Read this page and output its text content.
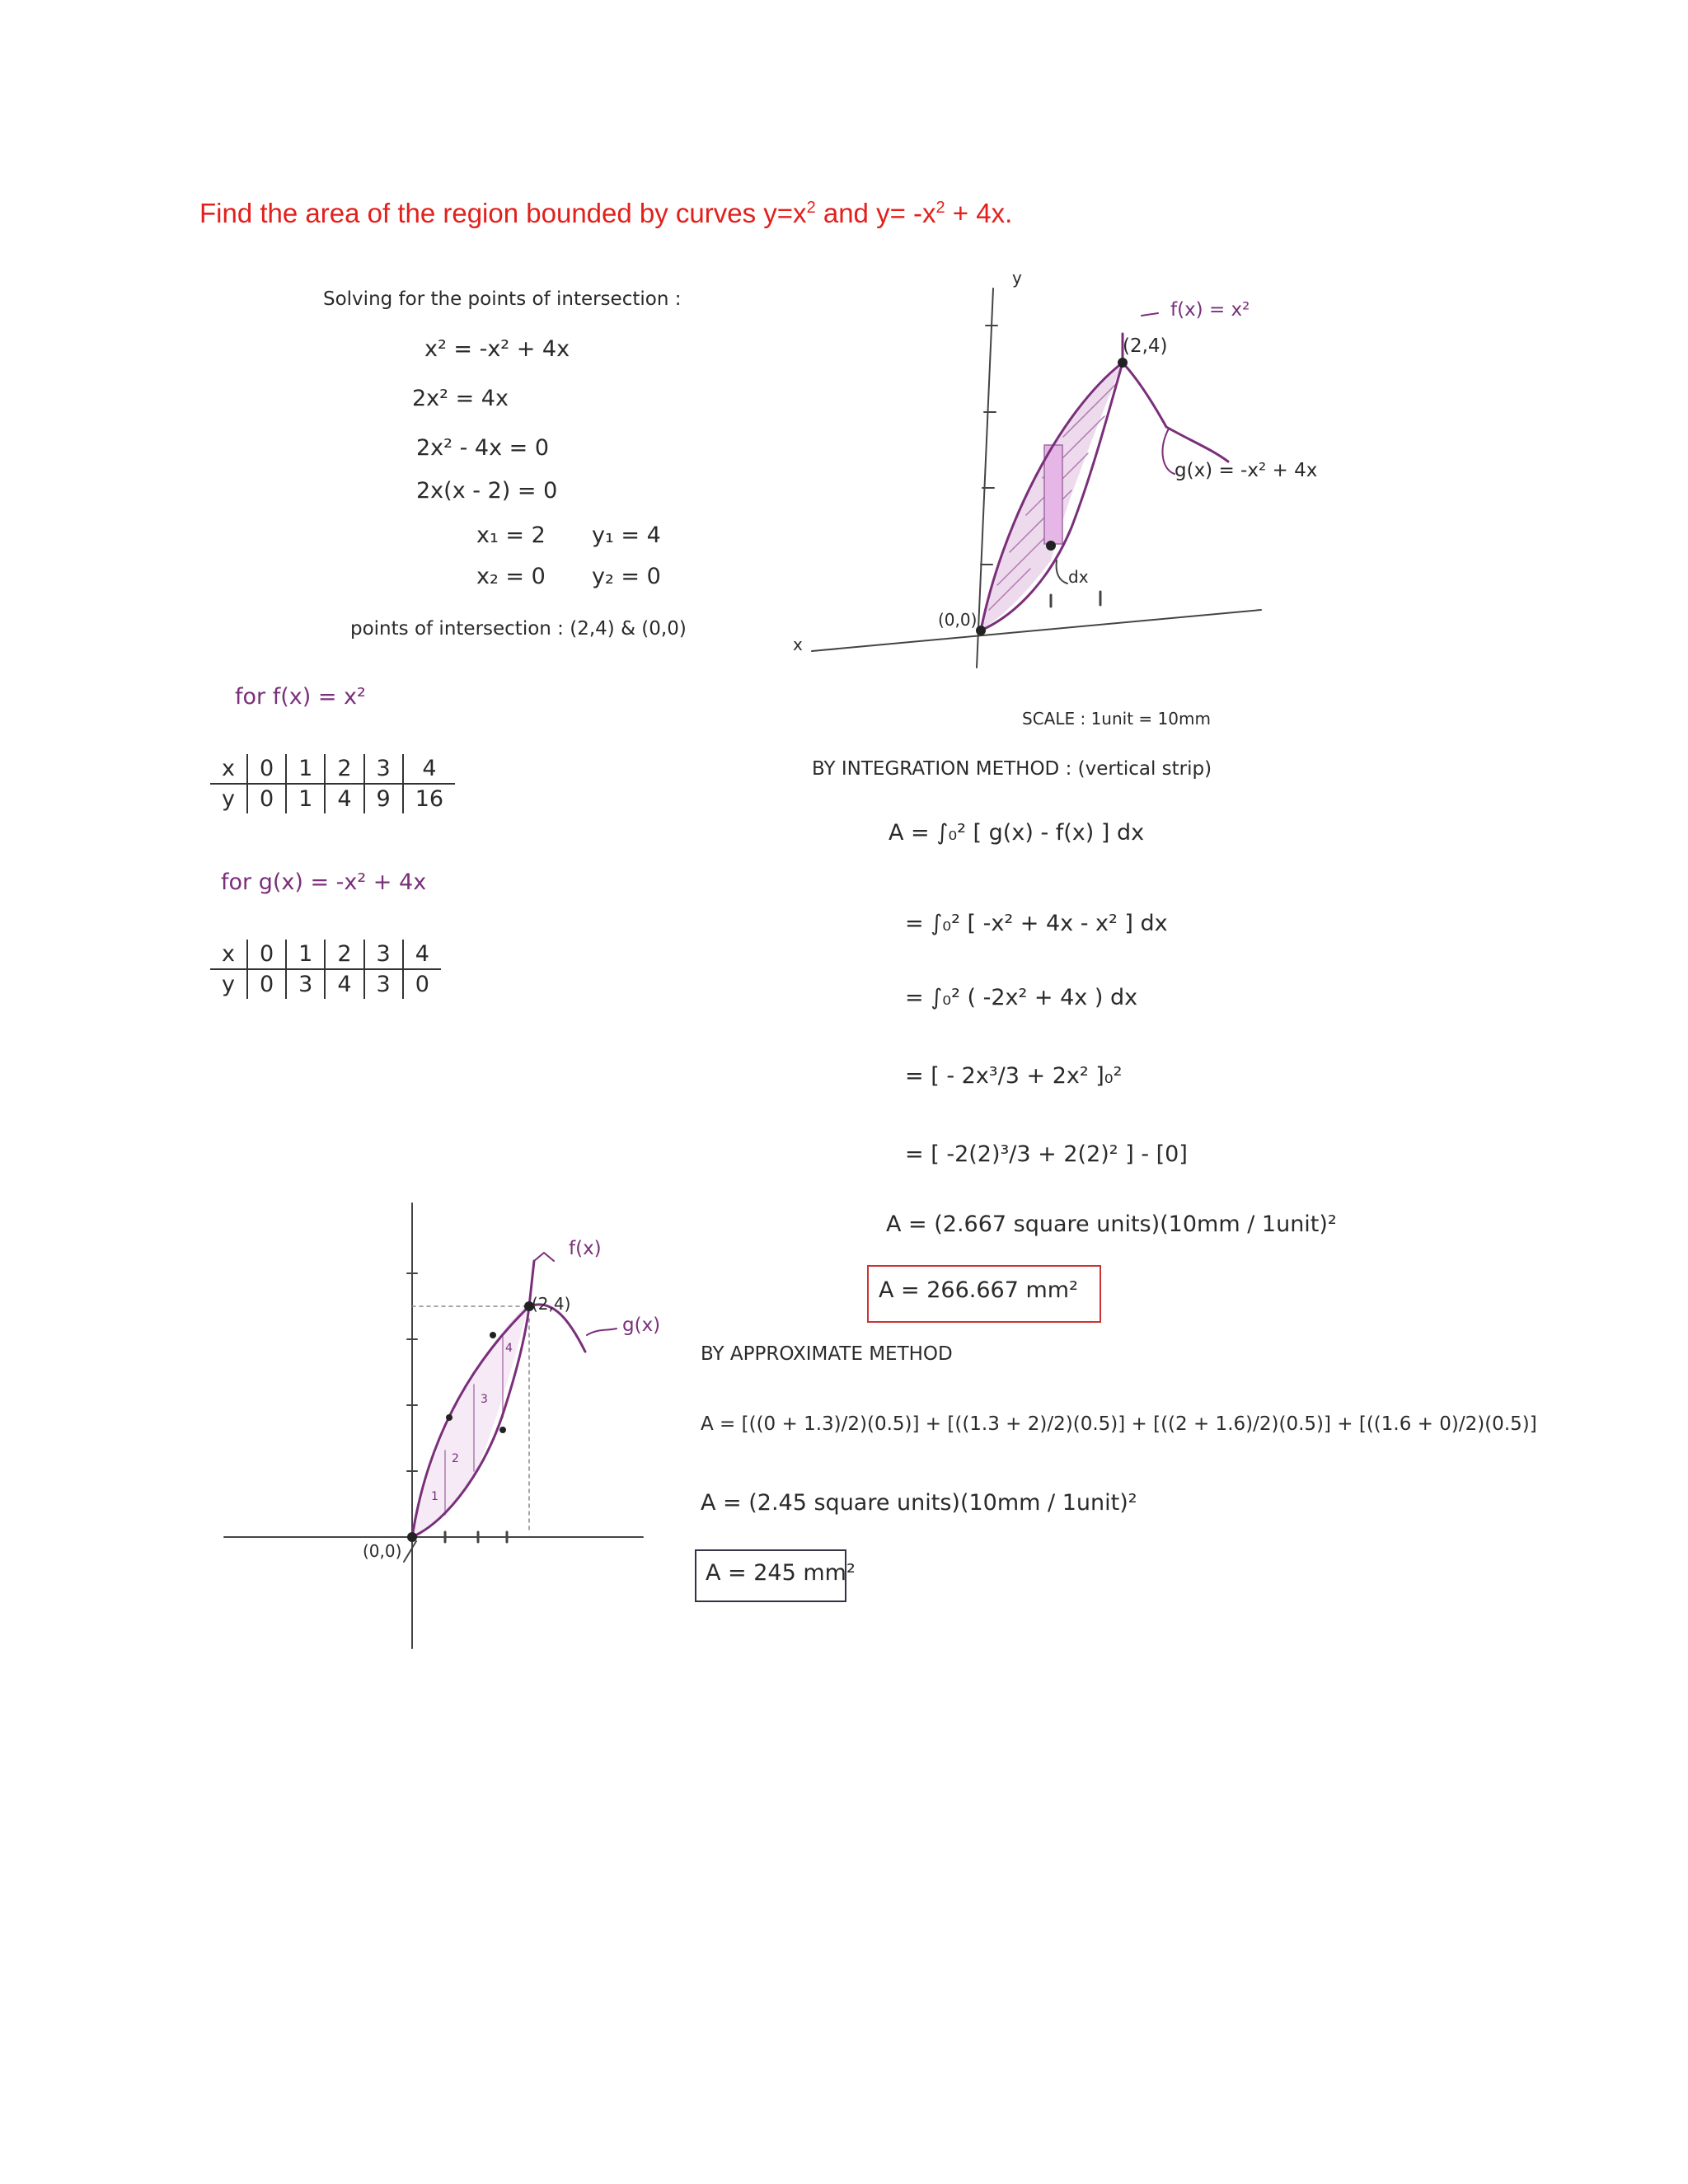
Find the area of the region bounded by curves $y=x^2$ and $y= -x^2 + 4x$.
Solving for the points of intersection :
x² = -x² + 4x
2x² = 4x
2x² - 4x = 0
2x(x - 2) = 0
x₁ = 2 y₁ = 4
x₂ = 0 y₂ = 0
points of intersection : (2,4) & (0,0)
for f(x) = x²
x	0	1	2	3	4
y	0	1	4	9	16
for g(x) = -x² + 4x
x	0	1	2	3	4
y	0	3	4	3	0
y
x
(2,4)
(0,0)
f(x) = x²
g(x) = -x² + 4x
dx
SCALE : 1unit = 10mm
BY INTEGRATION METHOD : (vertical strip)
A = ∫₀² [ g(x) - f(x) ] dx
= ∫₀² [ -x² + 4x - x² ] dx
= ∫₀² ( -2x² + 4x ) dx
= [ - 2x³/3 + 2x² ]₀²
= [ -2(2)³/3 + 2(2)² ] - [0]
A = (2.667 square units)(10mm / 1unit)²
A = 266.667 mm²
f(x)
g(x)
(2,4)
(0,0)
1
2
3
4	BY APPROXIMATE METHOD
A = [((0 + 1.3)/2)(0.5)] + [((1.3 + 2)/2)(0.5)] + [((2 + 1.6)/2)(0.5)] + [((1.6 + 0)/2)(0.5)]
A = (2.45 square units)(10mm / 1unit)²
A = 245 mm²
